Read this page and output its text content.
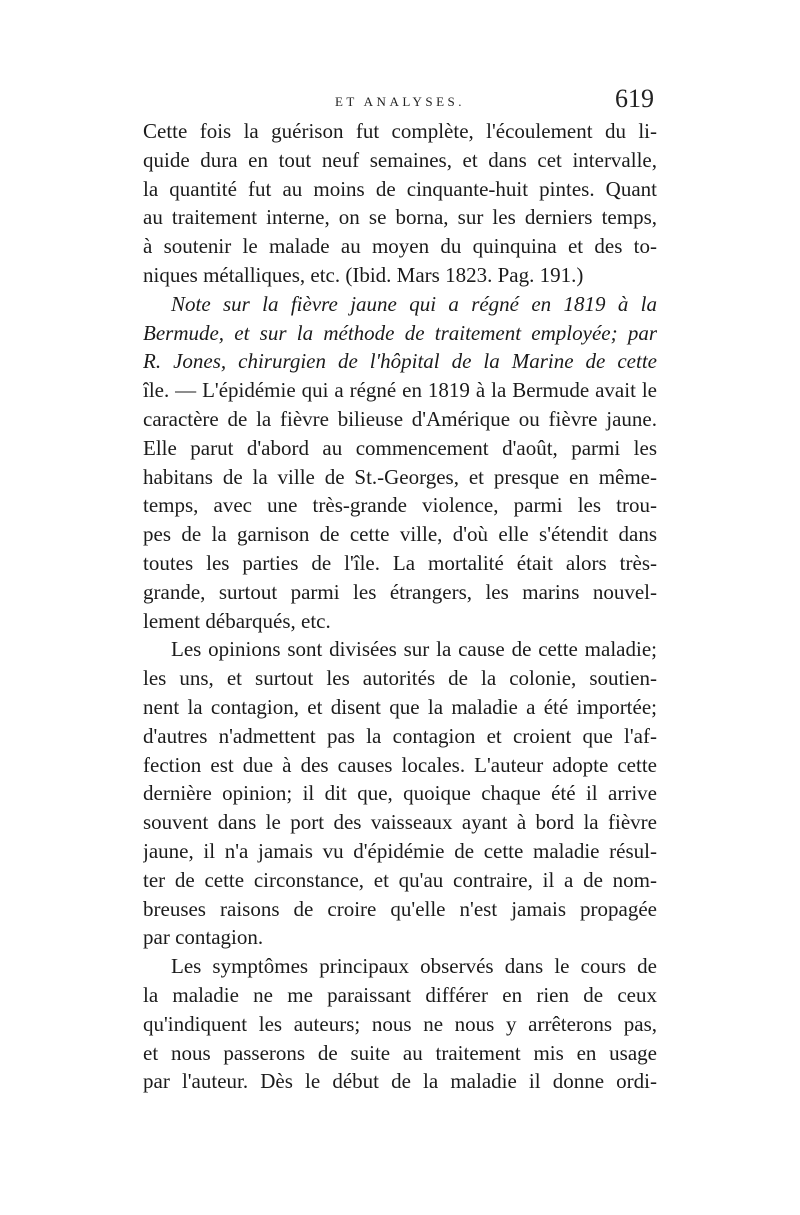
ET ANALYSES.	619
Cette fois la guérison fut complète, l'écoulement du li-
quide dura en tout neuf semaines, et dans cet intervalle,
la quantité fut au moins de cinquante-huit pintes. Quant
au traitement interne, on se borna, sur les derniers temps,
à soutenir le malade au moyen du quinquina et des to-
niques métalliques, etc. (Ibid. Mars 1823. Pag. 191.)
Note sur la fièvre jaune qui a régné en 1819 à la
Bermude, et sur la méthode de traitement employée; par
R. Jones, chirurgien de l'hôpital de la Marine de cette
île. — L'épidémie qui a régné en 1819 à la Bermude avait le
caractère de la fièvre bilieuse d'Amérique ou fièvre jaune.
Elle parut d'abord au commencement d'août, parmi les
habitans de la ville de St.-Georges, et presque en même-
temps, avec une très-grande violence, parmi les trou-
pes de la garnison de cette ville, d'où elle s'étendit dans
toutes les parties de l'île. La mortalité était alors très-
grande, surtout parmi les étrangers, les marins nouvel-
lement débarqués, etc.
Les opinions sont divisées sur la cause de cette maladie;
les uns, et surtout les autorités de la colonie, soutien-
nent la contagion, et disent que la maladie a été importée;
d'autres n'admettent pas la contagion et croient que l'af-
fection est due à des causes locales. L'auteur adopte cette
dernière opinion; il dit que, quoique chaque été il arrive
souvent dans le port des vaisseaux ayant à bord la fièvre
jaune, il n'a jamais vu d'épidémie de cette maladie résul-
ter de cette circonstance, et qu'au contraire, il a de nom-
breuses raisons de croire qu'elle n'est jamais propagée
par contagion.
Les symptômes principaux observés dans le cours de
la maladie ne me paraissant différer en rien de ceux
qu'indiquent les auteurs; nous ne nous y arrêterons pas,
et nous passerons de suite au traitement mis en usage
par l'auteur. Dès le début de la maladie il donne ordi-
